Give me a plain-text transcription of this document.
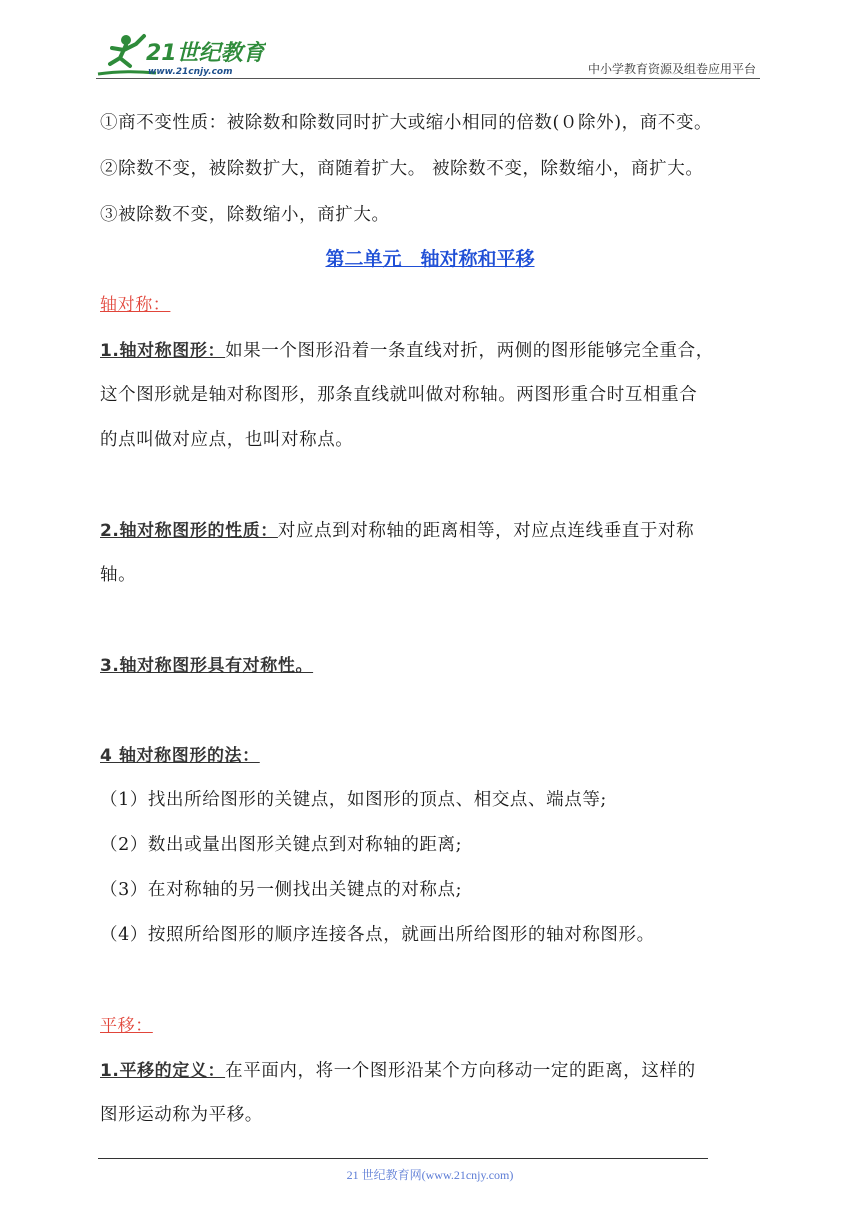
21世纪教育
www.21cnjy.com	中小学教育资源及组卷应用平台
①商不变性质：被除数和除数同时扩大或缩小相同的倍数(０除外)，商不变。
②除数不变，被除数扩大，商随着扩大。 被除数不变，除数缩小，商扩大。
③被除数不变，除数缩小，商扩大。
第二单元　轴对称和平移
轴对称：
1.轴对称图形：如果一个图形沿着一条直线对折，两侧的图形能够完全重合，
这个图形就是轴对称图形，那条直线就叫做对称轴。两图形重合时互相重合
的点叫做对应点，也叫对称点。
2.轴对称图形的性质：对应点到对称轴的距离相等，对应点连线垂直于对称
轴。
3.轴对称图形具有对称性。
4 轴对称图形的法：
（1）找出所给图形的关键点，如图形的顶点、相交点、端点等;
（2）数出或量出图形关键点到对称轴的距离;
（3）在对称轴的另一侧找出关键点的对称点;
（4）按照所给图形的顺序连接各点，就画出所给图形的轴对称图形。
平移：
1.平移的定义：在平面内，将一个图形沿某个方向移动一定的距离，这样的
图形运动称为平移。
21 世纪教育网(www.21cnjy.com)
